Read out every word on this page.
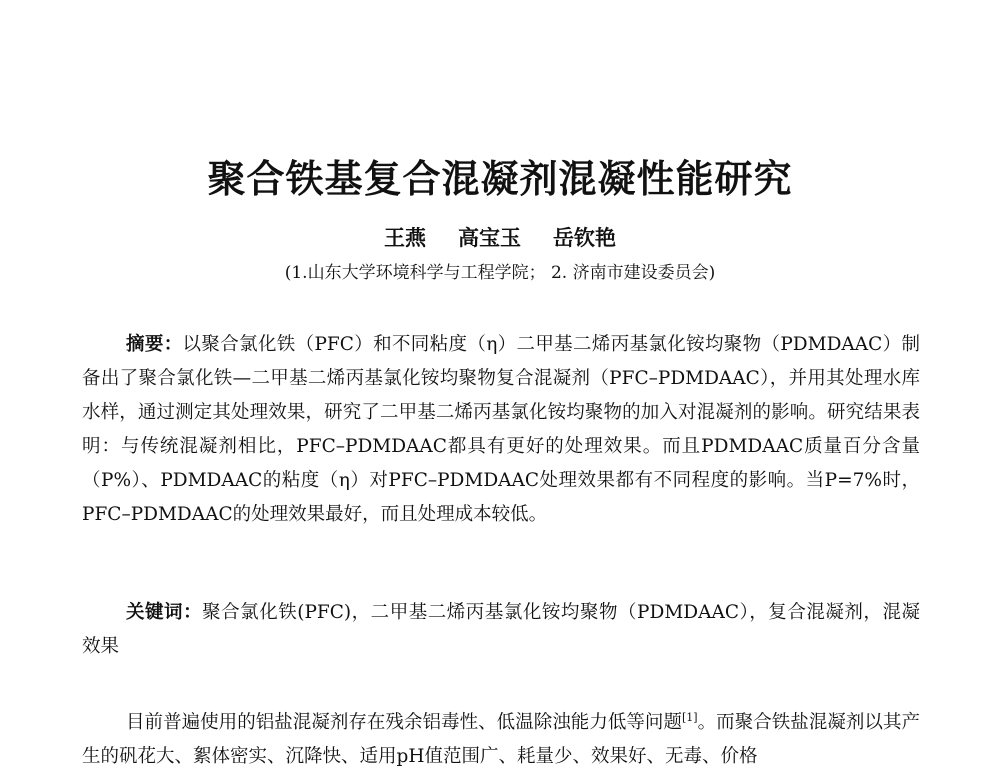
聚合铁基复合混凝剂混凝性能研究
王燕 高宝玉 岳钦艳
(1.山东大学环境科学与工程学院； 2. 济南市建设委员会)

摘要：以聚合氯化铁（PFC）和不同粘度（η）二甲基二烯丙基氯化铵均聚物（PDMDAAC）制备出了聚合氯化铁—二甲基二烯丙基氯化铵均聚物复合混凝剂（PFC–PDMDAAC），并用其处理水库水样，通过测定其处理效果，研究了二甲基二烯丙基氯化铵均聚物的加入对混凝剂的影响。研究结果表明：与传统混凝剂相比，PFC–PDMDAAC都具有更好的处理效果。而且PDMDAAC质量百分含量（P%）、PDMDAAC的粘度（η）对PFC–PDMDAAC处理效果都有不同程度的影响。当P=7%时，PFC–PDMDAAC的处理效果最好，而且处理成本较低。

关键词：聚合氯化铁(PFC)，二甲基二烯丙基氯化铵均聚物（PDMDAAC），复合混凝剂，混凝效果

目前普遍使用的铝盐混凝剂存在残余铝毒性、低温除浊能力低等问题[1]。而聚合铁盐混凝剂以其产生的矾花大、絮体密实、沉降快、适用pH值范围广、耗量少、效果好、无毒、价格
